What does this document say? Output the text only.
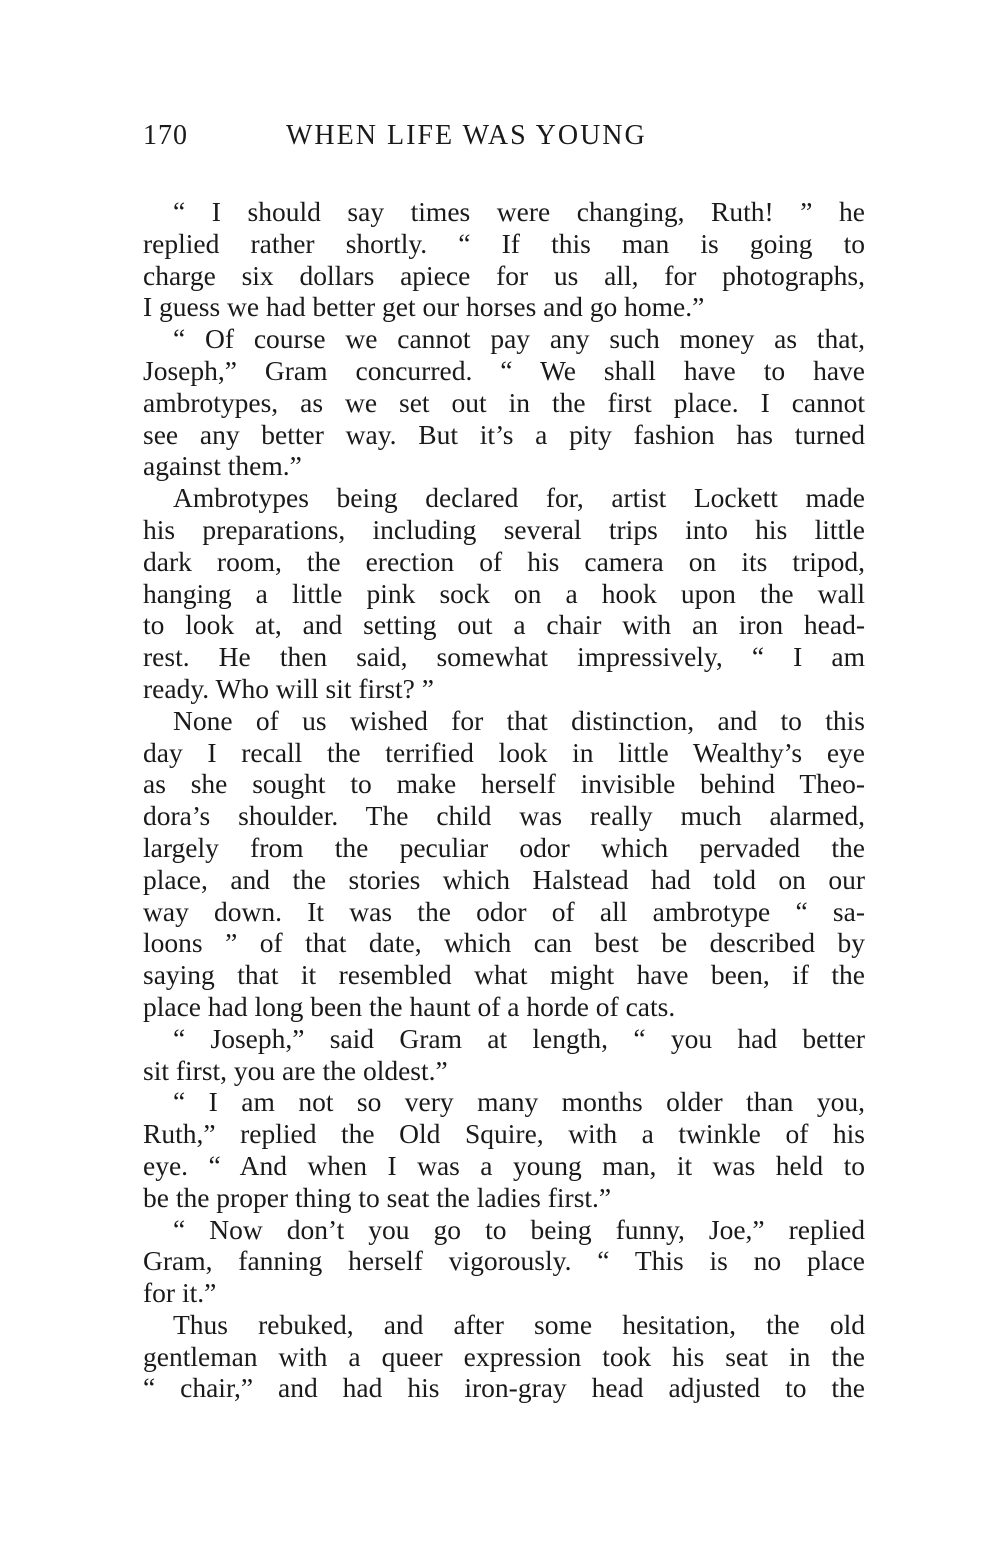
170	WHEN LIFE WAS YOUNG
“ I should say times were changing, Ruth! ” he
replied rather shortly. “ If this man is going to
charge six dollars apiece for us all, for photographs,
I guess we had better get our horses and go home.”
“ Of course we cannot pay any such money as that,
Joseph,” Gram concurred. “ We shall have to have
ambrotypes, as we set out in the first place. I cannot
see any better way. But it’s a pity fashion has turned
against them.”
Ambrotypes being declared for, artist Lockett made
his preparations, including several trips into his little
dark room, the erection of his camera on its tripod,
hanging a little pink sock on a hook upon the wall
to look at, and setting out a chair with an iron head-
rest. He then said, somewhat impressively, “ I am
ready. Who will sit first? ”
None of us wished for that distinction, and to this
day I recall the terrified look in little Wealthy’s eye
as she sought to make herself invisible behind Theo-
dora’s shoulder. The child was really much alarmed,
largely from the peculiar odor which pervaded the
place, and the stories which Halstead had told on our
way down. It was the odor of all ambrotype “ sa-
loons ” of that date, which can best be described by
saying that it resembled what might have been, if the
place had long been the haunt of a horde of cats.
“ Joseph,” said Gram at length, “ you had better
sit first, you are the oldest.”
“ I am not so very many months older than you,
Ruth,” replied the Old Squire, with a twinkle of his
eye. “ And when I was a young man, it was held to
be the proper thing to seat the ladies first.”
“ Now don’t you go to being funny, Joe,” replied
Gram, fanning herself vigorously. “ This is no place
for it.”
Thus rebuked, and after some hesitation, the old
gentleman with a queer expression took his seat in the
“ chair,” and had his iron-gray head adjusted to the
